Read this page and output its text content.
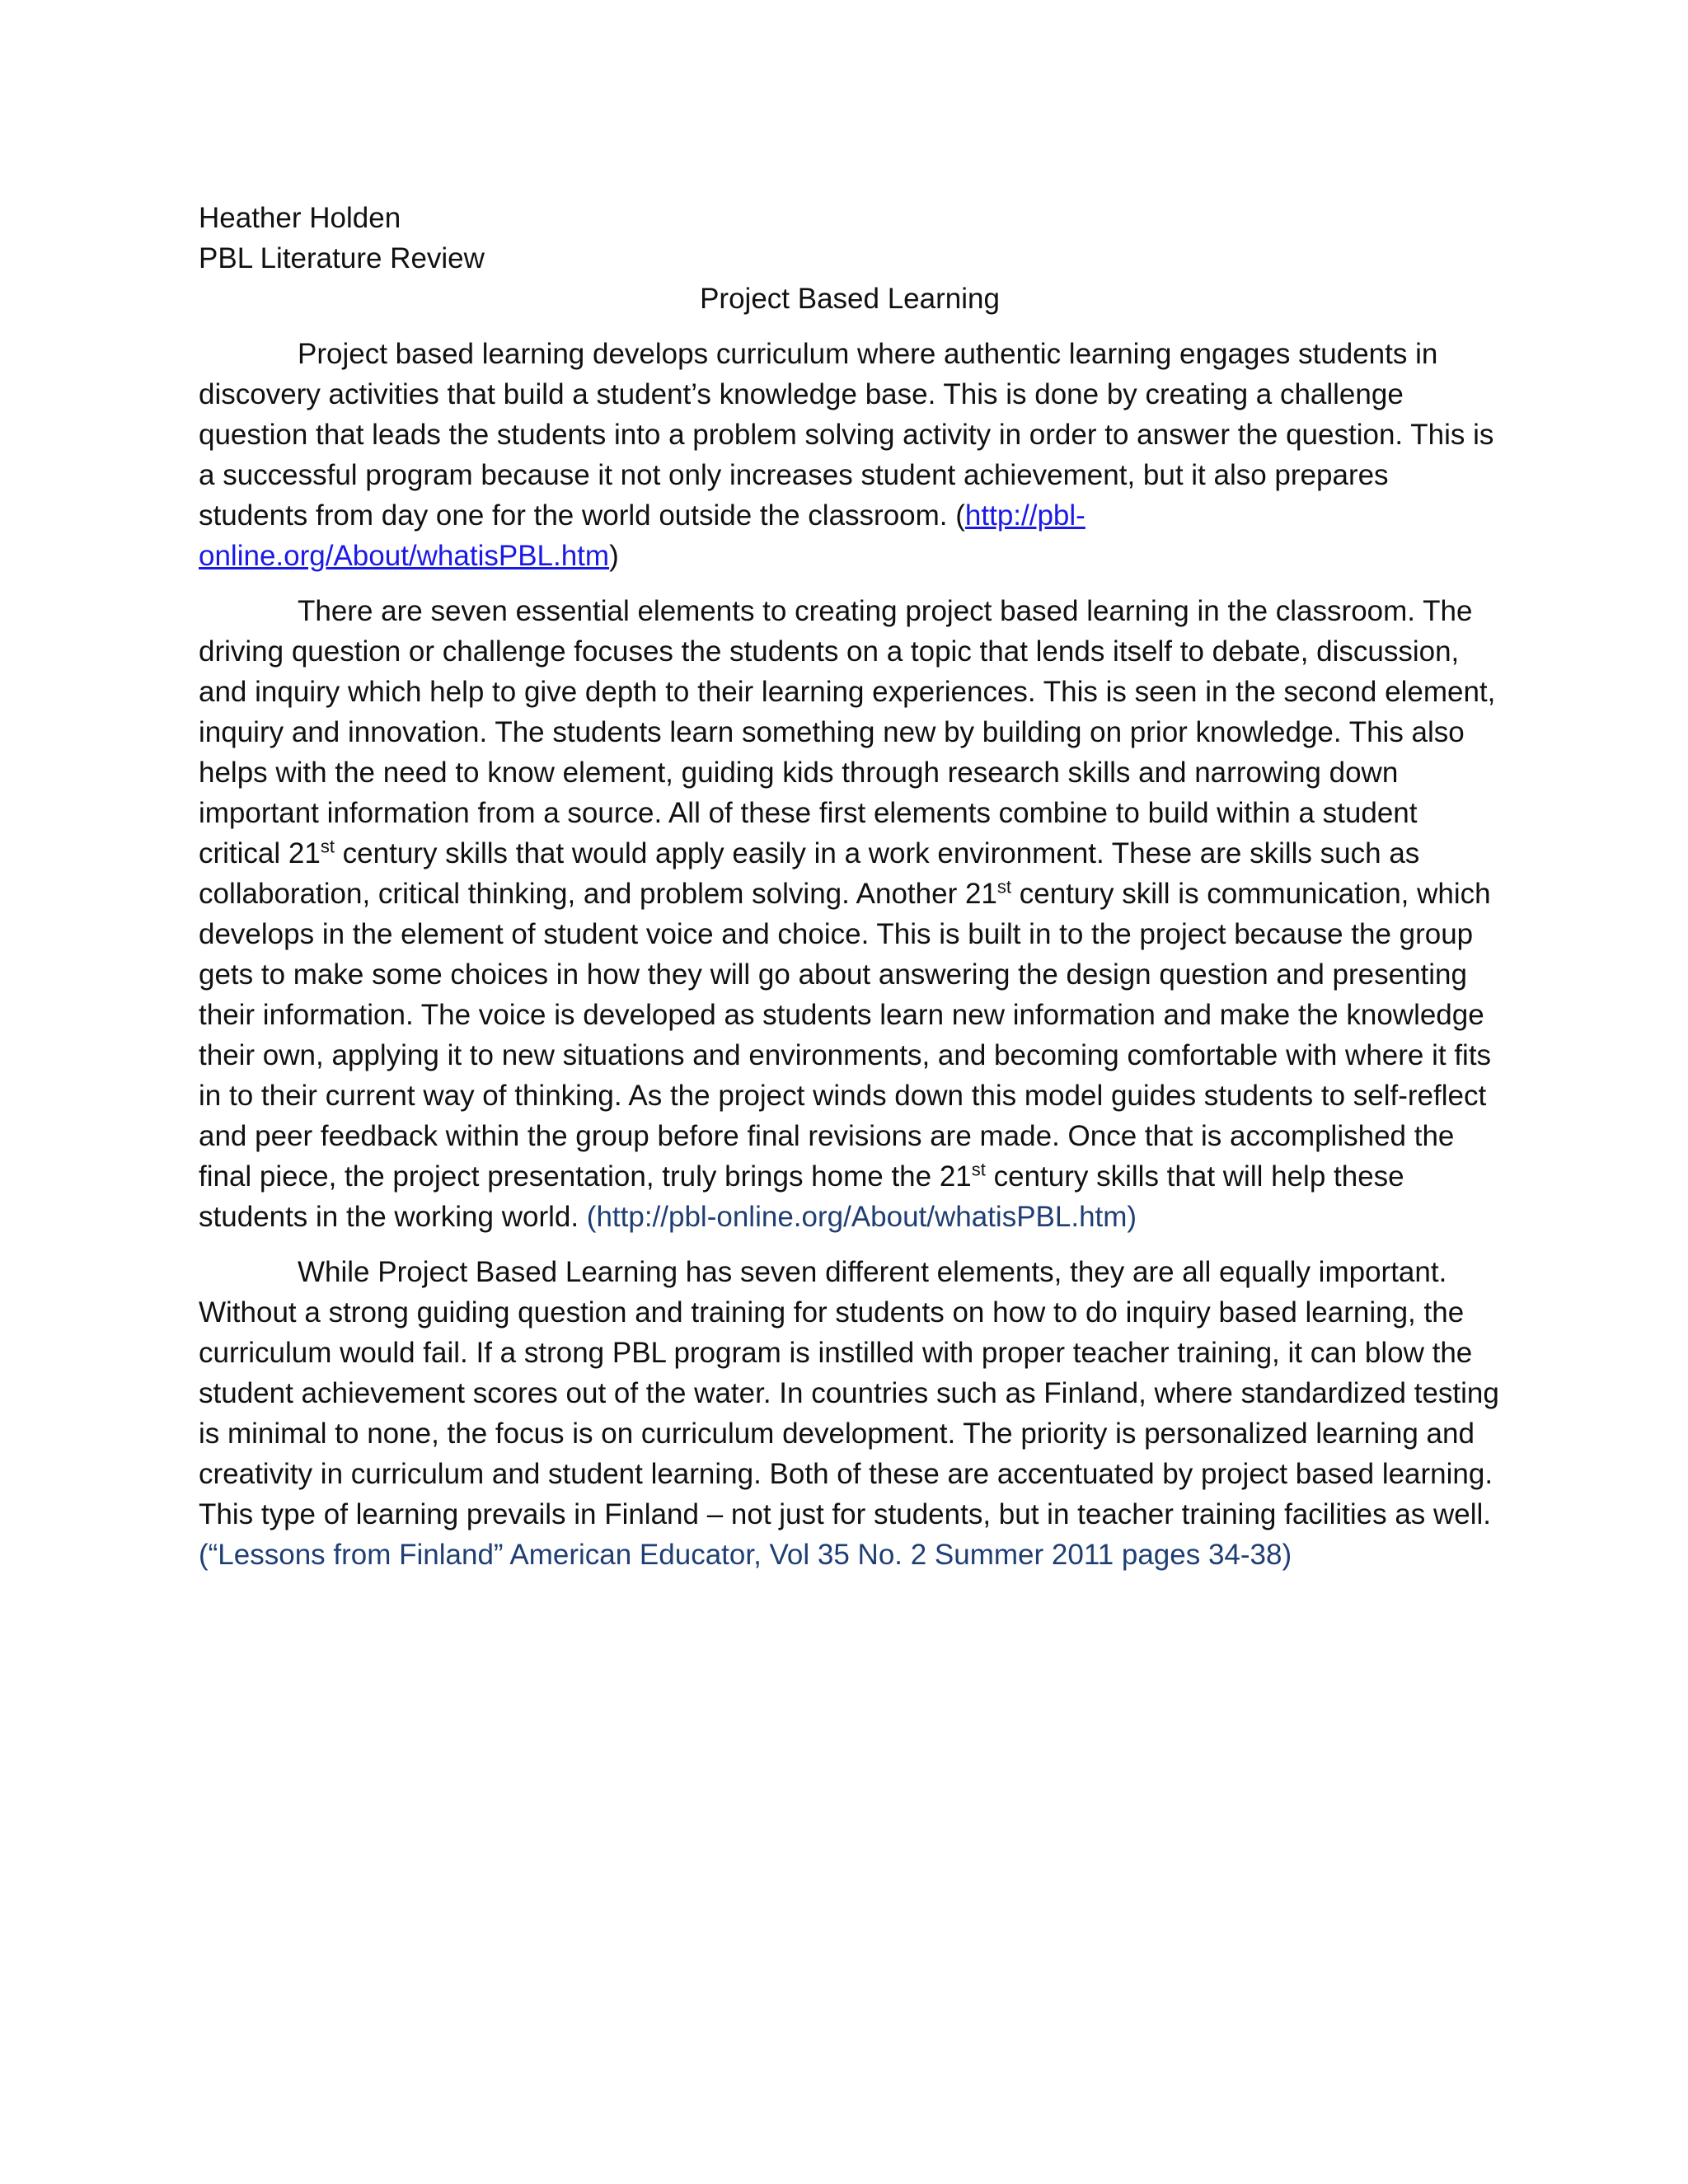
Heather Holden

PBL Literature Review

Project Based Learning

Project based learning develops curriculum where authentic learning engages students in discovery activities that build a student’s knowledge base. This is done by creating a challenge question that leads the students into a problem solving activity in order to answer the question. This is a successful program because it not only increases student achievement, but it also prepares students from day one for the world outside the classroom. (http://pbl-online.org/About/whatisPBL.htm)

There are seven essential elements to creating project based learning in the classroom. The driving question or challenge focuses the students on a topic that lends itself to debate, discussion, and inquiry which help to give depth to their learning experiences. This is seen in the second element, inquiry and innovation. The students learn something new by building on prior knowledge. This also helps with the need to know element, guiding kids through research skills and narrowing down important information from a source. All of these first elements combine to build within a student critical 21st century skills that would apply easily in a work environment. These are skills such as collaboration, critical thinking, and problem solving. Another 21st century skill is communication, which develops in the element of student voice and choice. This is built in to the project because the group gets to make some choices in how they will go about answering the design question and presenting their information. The voice is developed as students learn new information and make the knowledge their own, applying it to new situations and environments, and becoming comfortable with where it fits in to their current way of thinking. As the project winds down this model guides students to self-reflect and peer feedback within the group before final revisions are made. Once that is accomplished the final piece, the project presentation, truly brings home the 21st century skills that will help these students in the working world. (http://pbl-online.org/About/whatisPBL.htm)

While Project Based Learning has seven different elements, they are all equally important. Without a strong guiding question and training for students on how to do inquiry based learning, the curriculum would fail. If a strong PBL program is instilled with proper teacher training, it can blow the student achievement scores out of the water. In countries such as Finland, where standardized testing is minimal to none, the focus is on curriculum development. The priority is personalized learning and creativity in curriculum and student learning. Both of these are accentuated by project based learning. This type of learning prevails in Finland – not just for students, but in teacher training facilities as well. (“Lessons from Finland” American Educator, Vol 35 No. 2 Summer 2011 pages 34-38)
